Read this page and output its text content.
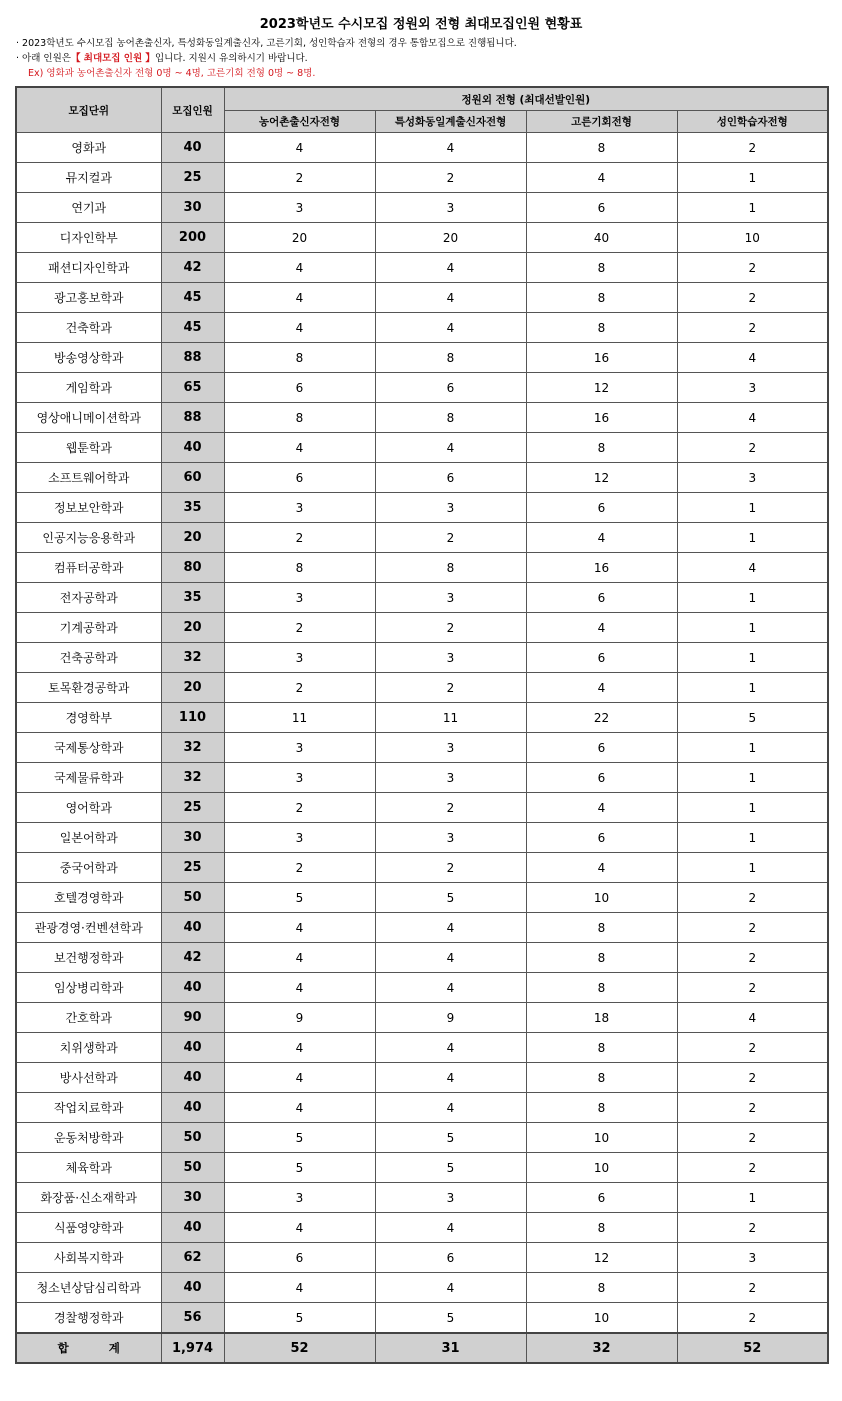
2023학년도 수시모집 정원외 전형 최대모집인원 현황표
· 2023학년도 수시모집 농어촌출신자, 특성화동일계출신자, 고른기회, 성인학습자 전형의 경우 통합모집으로 진행됩니다.
· 아래 인원은【 최대모집 인원 】입니다. 지원시 유의하시기 바랍니다.
Ex) 영화과 농어촌출신자 전형 0명 ~ 4명, 고른기회 전형 0명 ~ 8명.
모집단위	모집인원	정원외 전형 (최대선발인원)			
		농어촌출신자전형	특성화동일계출신자전형	고른기회전형	성인학습자전형
영화과	40	4	4	8	2
뮤지컬과	25	2	2	4	1
연기과	30	3	3	6	1
디자인학부	200	20	20	40	10
패션디자인학과	42	4	4	8	2
광고홍보학과	45	4	4	8	2
건축학과	45	4	4	8	2
방송영상학과	88	8	8	16	4
게임학과	65	6	6	12	3
영상애니메이션학과	88	8	8	16	4
웹툰학과	40	4	4	8	2
소프트웨어학과	60	6	6	12	3
정보보안학과	35	3	3	6	1
인공지능응용학과	20	2	2	4	1
컴퓨터공학과	80	8	8	16	4
전자공학과	35	3	3	6	1
기계공학과	20	2	2	4	1
건축공학과	32	3	3	6	1
토목환경공학과	20	2	2	4	1
경영학부	110	11	11	22	5
국제통상학과	32	3	3	6	1
국제물류학과	32	3	3	6	1
영어학과	25	2	2	4	1
일본어학과	30	3	3	6	1
중국어학과	25	2	2	4	1
호텔경영학과	50	5	5	10	2
관광경영·컨벤션학과	40	4	4	8	2
보건행정학과	42	4	4	8	2
임상병리학과	40	4	4	8	2
간호학과	90	9	9	18	4
치위생학과	40	4	4	8	2
방사선학과	40	4	4	8	2
작업치료학과	40	4	4	8	2
운동처방학과	50	5	5	10	2
체육학과	50	5	5	10	2
화장품·신소재학과	30	3	3	6	1
식품영양학과	40	4	4	8	2
사회복지학과	62	6	6	12	3
청소년상담심리학과	40	4	4	8	2
경찰행정학과	56	5	5	10	2
합 계	1,974	52	31	32	52
